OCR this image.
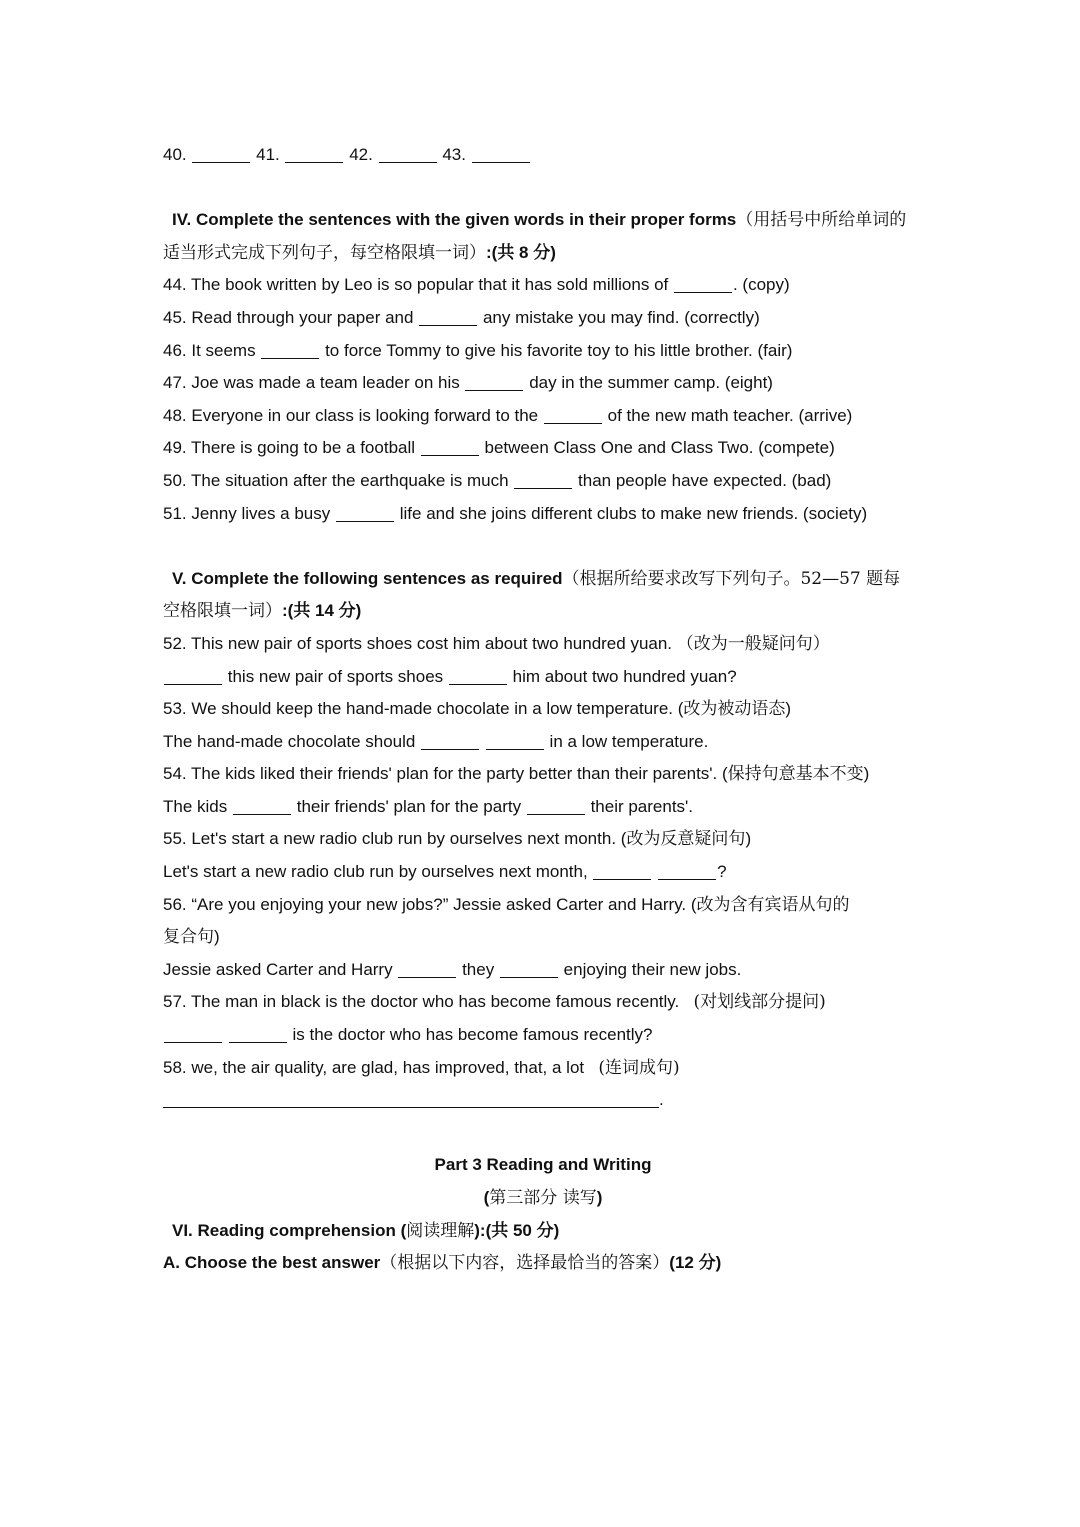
40.	41.	42.	43.
IV. Complete the sentences with the given words in their proper forms（用括号中所给单词的
适当形式完成下列句子，每空格限填一词）:(共 8 分)
44. The book written by Leo is so popular that it has sold millions of	. (copy)
45. Read through your paper and	any mistake you may find. (correctly)
46. It seems	to force Tommy to give his favorite toy to his little brother. (fair)
47. Joe was made a team leader on his	day in the summer camp. (eight)
48. Everyone in our class is looking forward to the	of the new math teacher. (arrive)
49. There is going to be a football	between Class One and Class Two. (compete)
50. The situation after the earthquake is much	than people have expected. (bad)
51. Jenny lives a busy	life and she joins different clubs to make new friends. (society)
V. Complete the following sentences as required（根据所给要求改写下列句子。52—57 题每
空格限填一词）:(共 14 分)
52. This new pair of sports shoes cost him about two hundred yuan. （改为一般疑问句）
this new pair of sports shoes	him about two hundred yuan?
53. We should keep the hand-made chocolate in a low temperature. (改为被动语态)
The hand-made chocolate should	in a low temperature.
54. The kids liked their friends' plan for the party better than their parents'. (保持句意基本不变)
The kids	their friends' plan for the party	their parents'.
55. Let's start a new radio club run by ourselves next month. (改为反意疑问句)
Let's start a new radio club run by ourselves next month,	?
56. “Are you enjoying your new jobs?” Jessie asked Carter and Harry. (改为含有宾语从句的
复合句)
Jessie asked Carter and Harry	they	enjoying their new jobs.
57. The man in black is the doctor who has become famous recently. (对划线部分提问)
is the doctor who has become famous recently?
58. we, the air quality, are glad, has improved, that, a lot (连词成句)
.
Part 3 Reading and Writing
(第三部分 读写)
VI. Reading comprehension (阅读理解):(共 50 分)
A. Choose the best answer（根据以下内容，选择最恰当的答案）(12 分)
